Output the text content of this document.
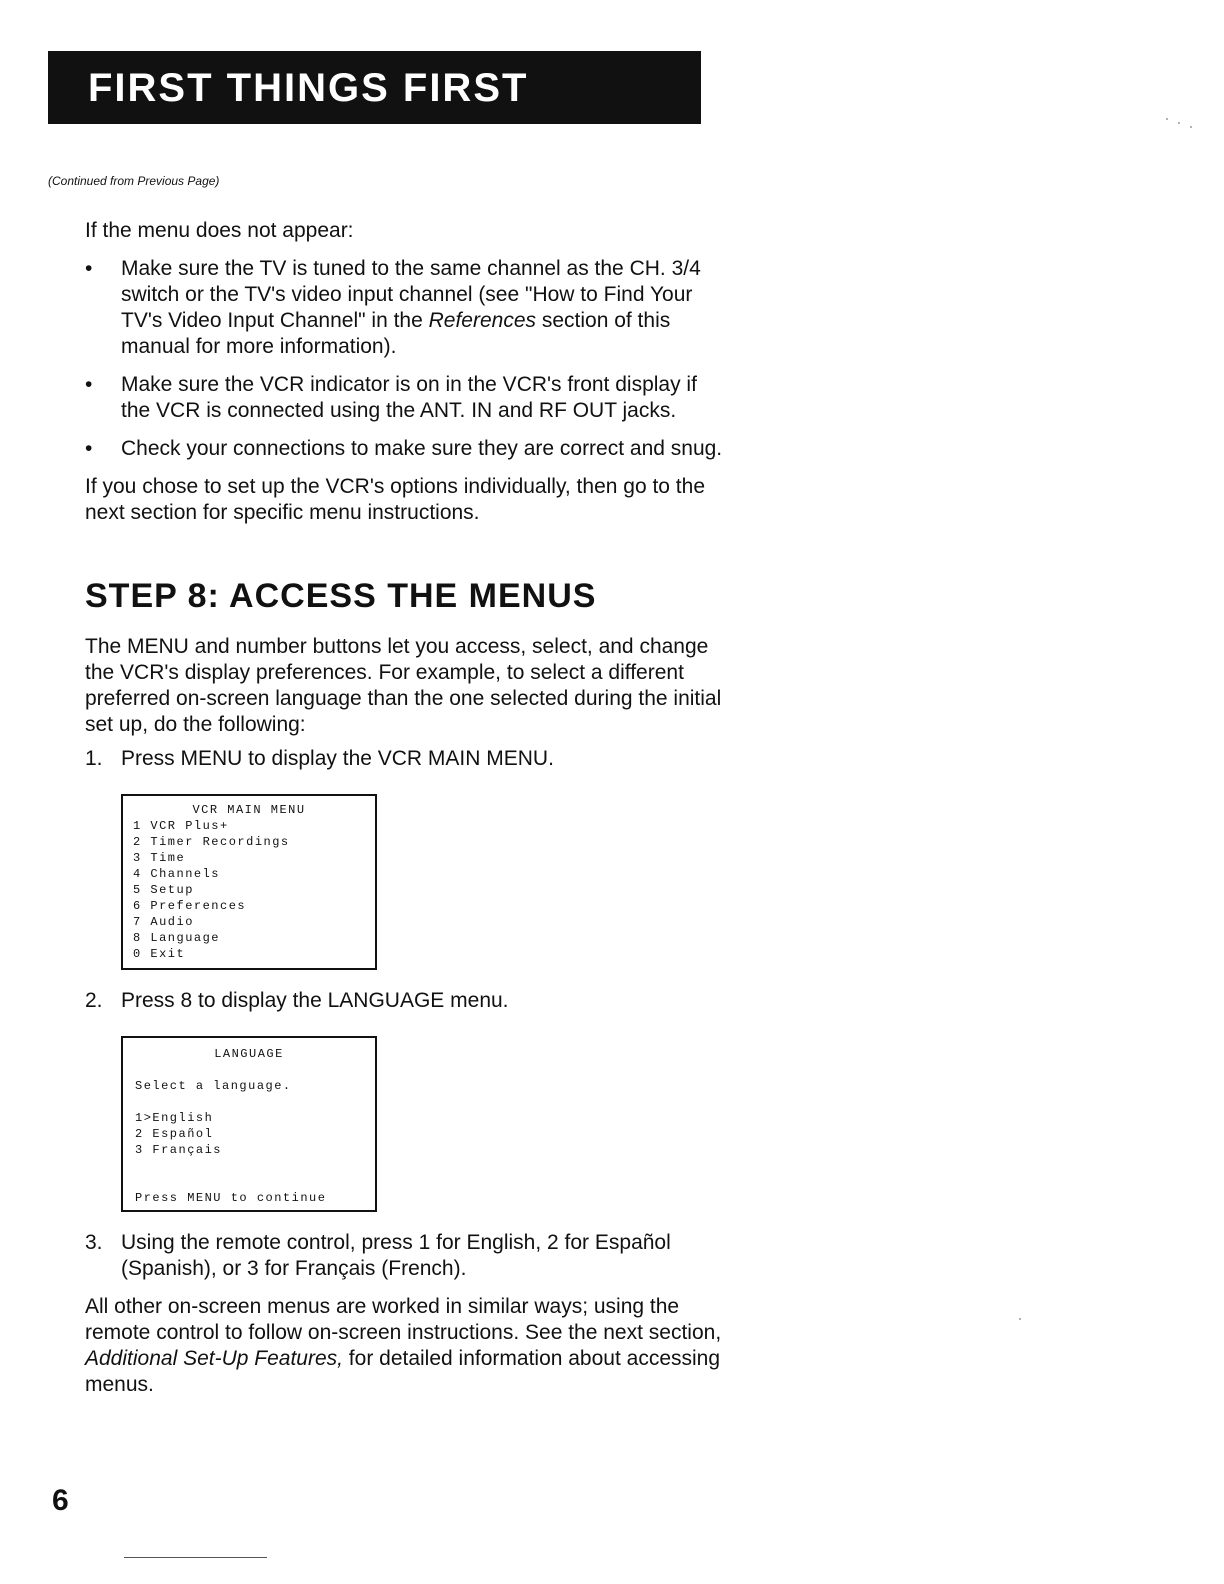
FIRST THINGS FIRST
(Continued from Previous Page)

If the menu does not appear:

•	Make sure the TV is tuned to the same channel as the CH. 3/4 switch or the TV's video input channel (see "How to Find Your TV's Video Input Channel" in the References section of this manual for more information).
•	Make sure the VCR indicator is on in the VCR's front display if the VCR is connected using the ANT. IN and RF OUT jacks.
•	Check your connections to make sure they are correct and snug.

If you chose to set up the VCR's options individually, then go to the next section for specific menu instructions.

STEP 8: ACCESS THE MENUS

The MENU and number buttons let you access, select, and change the VCR's display preferences. For example, to select a different preferred on-screen language than the one selected during the initial set up, do the following:

1. Press MENU to display the VCR MAIN MENU.
VCR MAIN MENU
1 VCR Plus+
2 Timer Recordings
3 Time
4 Channels
5 Setup
6 Preferences
7 Audio
8 Language
0 Exit
2. Press 8 to display the LANGUAGE menu.
LANGUAGE
Select a language.
1>English
2 Español
3 Français
Press MENU to continue
3. Using the remote control, press 1 for English, 2 for Español (Spanish), or 3 for Français (French).

All other on-screen menus are worked in similar ways; using the remote control to follow on-screen instructions. See the next section, Additional Set-Up Features, for detailed information about accessing menus.

6
